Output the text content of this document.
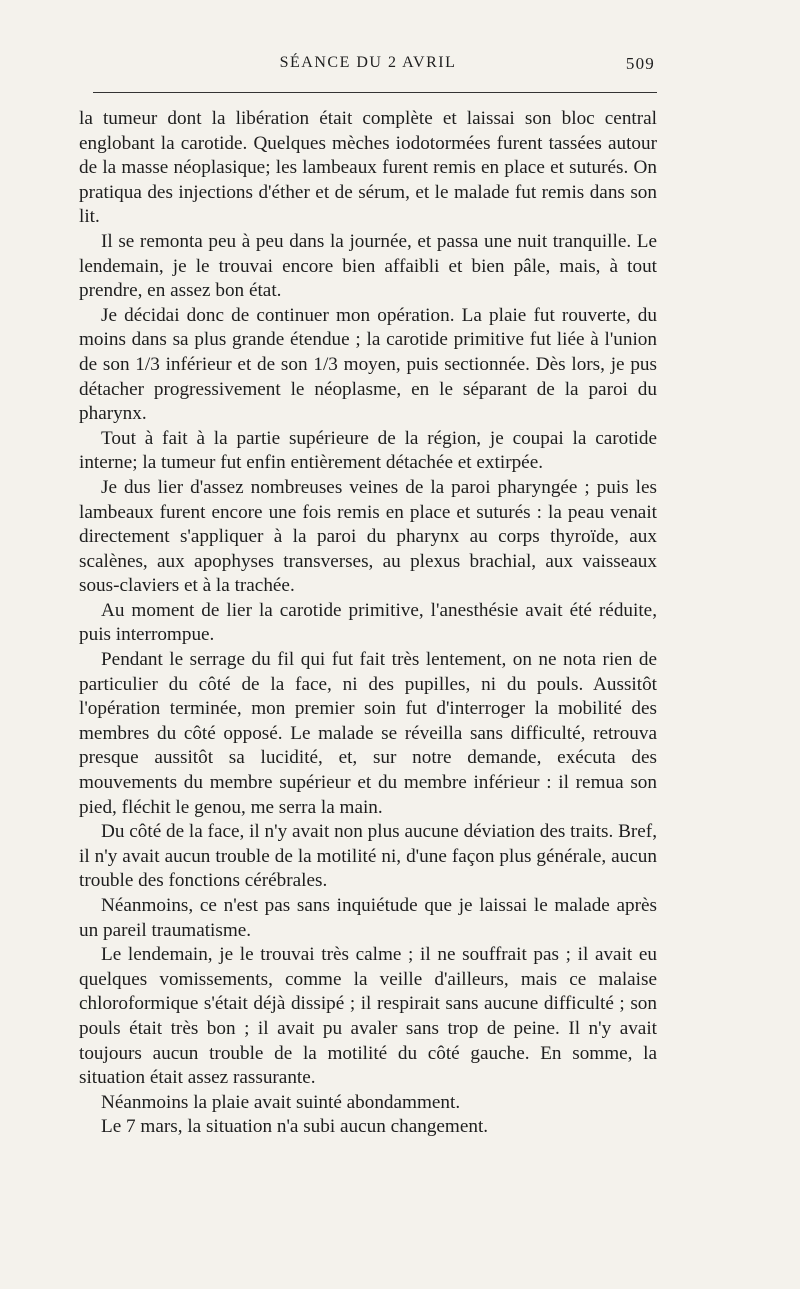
SÉANCE DU 2 AVRIL	509

la tumeur dont la libération était complète et laissai son bloc central englobant la carotide. Quelques mèches iodotormées furent tassées autour de la masse néoplasique; les lambeaux furent remis en place et suturés. On pratiqua des injections d'éther et de sérum, et le malade fut remis dans son lit.

Il se remonta peu à peu dans la journée, et passa une nuit tranquille. Le lendemain, je le trouvai encore bien affaibli et bien pâle, mais, à tout prendre, en assez bon état.

Je décidai donc de continuer mon opération. La plaie fut rouverte, du moins dans sa plus grande étendue ; la carotide primitive fut liée à l'union de son 1/3 inférieur et de son 1/3 moyen, puis sectionnée. Dès lors, je pus détacher progressivement le néoplasme, en le séparant de la paroi du pharynx.

Tout à fait à la partie supérieure de la région, je coupai la carotide interne; la tumeur fut enfin entièrement détachée et extirpée.

Je dus lier d'assez nombreuses veines de la paroi pharyngée ; puis les lambeaux furent encore une fois remis en place et suturés : la peau venait directement s'appliquer à la paroi du pharynx au corps thyroïde, aux scalènes, aux apophyses transverses, au plexus brachial, aux vaisseaux sous-claviers et à la trachée.

Au moment de lier la carotide primitive, l'anesthésie avait été réduite, puis interrompue.

Pendant le serrage du fil qui fut fait très lentement, on ne nota rien de particulier du côté de la face, ni des pupilles, ni du pouls. Aussitôt l'opération terminée, mon premier soin fut d'interroger la mobilité des membres du côté opposé. Le malade se réveilla sans difficulté, retrouva presque aussitôt sa lucidité, et, sur notre demande, exécuta des mouvements du membre supérieur et du membre inférieur : il remua son pied, fléchit le genou, me serra la main.

Du côté de la face, il n'y avait non plus aucune déviation des traits. Bref, il n'y avait aucun trouble de la motilité ni, d'une façon plus générale, aucun trouble des fonctions cérébrales.

Néanmoins, ce n'est pas sans inquiétude que je laissai le malade après un pareil traumatisme.

Le lendemain, je le trouvai très calme ; il ne souffrait pas ; il avait eu quelques vomissements, comme la veille d'ailleurs, mais ce malaise chloroformique s'était déjà dissipé ; il respirait sans aucune difficulté ; son pouls était très bon ; il avait pu avaler sans trop de peine. Il n'y avait toujours aucun trouble de la motilité du côté gauche. En somme, la situation était assez rassurante.

Néanmoins la plaie avait suinté abondamment.

Le 7 mars, la situation n'a subi aucun changement.
